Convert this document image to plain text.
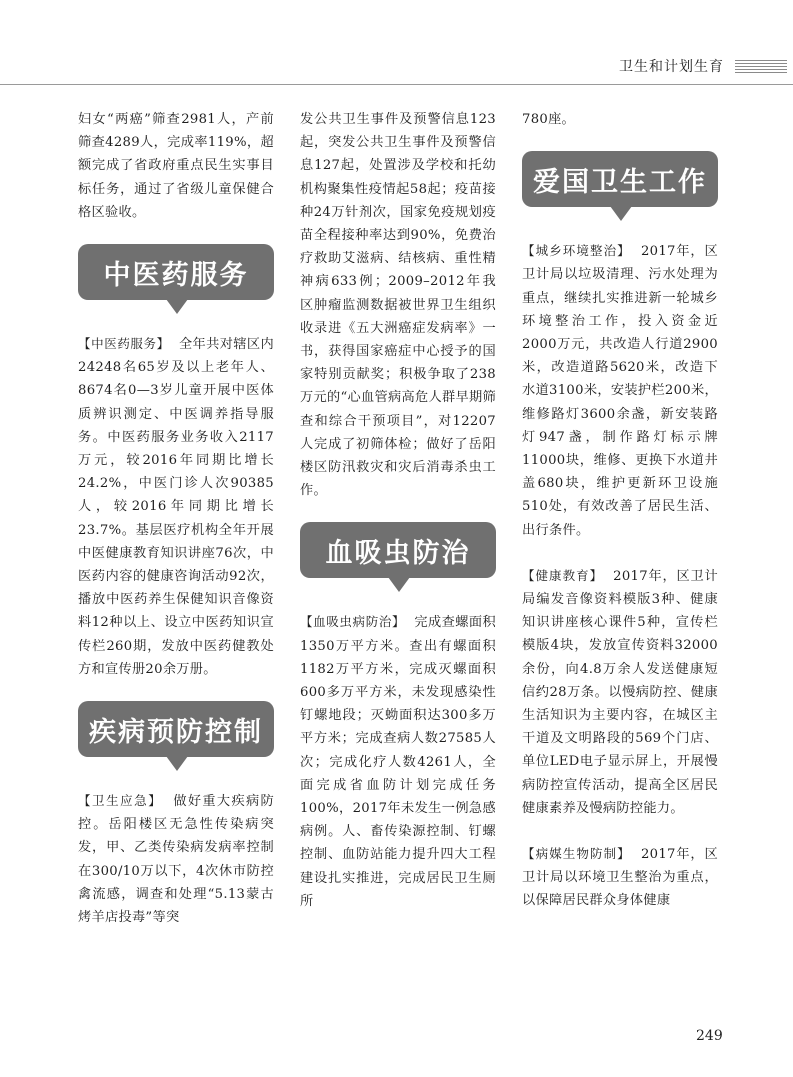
卫生和计划生育

妇女“两癌”筛查2981人，产前筛查4289人，完成率119%，超额完成了省政府重点民生实事目标任务，通过了省级儿童保健合格区验收。

中医药服务

【中医药服务】 全年共对辖区内24248名65岁及以上老年人、8674名0—3岁儿童开展中医体质辨识测定、中医调养指导服务。中医药服务业务收入2117万元，较2016年同期比增长24.2%，中医门诊人次90385人，较2016年同期比增长23.7%。基层医疗机构全年开展中医健康教育知识讲座76次，中医药内容的健康咨询活动92次，播放中医药养生保健知识音像资料12种以上、设立中医药知识宣传栏260期，发放中医药健教处方和宣传册20余万册。

疾病预防控制

【卫生应急】 做好重大疾病防控。岳阳楼区无急性传染病突发，甲、乙类传染病发病率控制在300/10万以下，4次休市防控禽流感，调查和处理“5.13蒙古烤羊店投毒”等突

发公共卫生事件及预警信息123起，突发公共卫生事件及预警信息127起，处置涉及学校和托幼机构聚集性疫情起58起；疫苗接种24万针剂次，国家免疫规划疫苗全程接种率达到90%，免费治疗救助艾滋病、结核病、重性精神病633例；2009–2012年我区肿瘤监测数据被世界卫生组织收录进《五大洲癌症发病率》一书，获得国家癌症中心授予的国家特别贡献奖；积极争取了238万元的“心血管病高危人群早期筛查和综合干预项目”，对12207人完成了初筛体检；做好了岳阳楼区防汛救灾和灾后消毒杀虫工作。

血吸虫防治

【血吸虫病防治】 完成查螺面积1350万平方米。查出有螺面积1182万平方米，完成灭螺面积600多万平方米，未发现感染性钉螺地段；灭蚴面积达300多万平方米；完成查病人数27585人次；完成化疗人数4261人，全面完成省血防计划完成任务100%，2017年未发生一例急感病例。人、畜传染源控制、钉螺控制、血防站能力提升四大工程建设扎实推进，完成居民卫生厕所

780座。

爱国卫生工作

【城乡环境整治】 2017年，区卫计局以垃圾清理、污水处理为重点，继续扎实推进新一轮城乡环境整治工作，投入资金近2000万元，共改造人行道2900米，改造道路5620米，改造下水道3100米，安装护栏200米，维修路灯3600余盏，新安装路灯947盏，制作路灯标示牌11000块，维修、更换下水道井盖680块，维护更新环卫设施510处，有效改善了居民生活、出行条件。

【健康教育】 2017年，区卫计局编发音像资料模版3种、健康知识讲座核心课件5种，宣传栏模版4块，发放宣传资料32000余份，向4.8万余人发送健康短信约28万条。以慢病防控、健康生活知识为主要内容，在城区主干道及文明路段的569个门店、单位LED电子显示屏上，开展慢病防控宣传活动，提高全区居民健康素养及慢病防控能力。

【病媒生物防制】 2017年，区卫计局以环境卫生整治为重点，以保障居民群众身体健康

249
